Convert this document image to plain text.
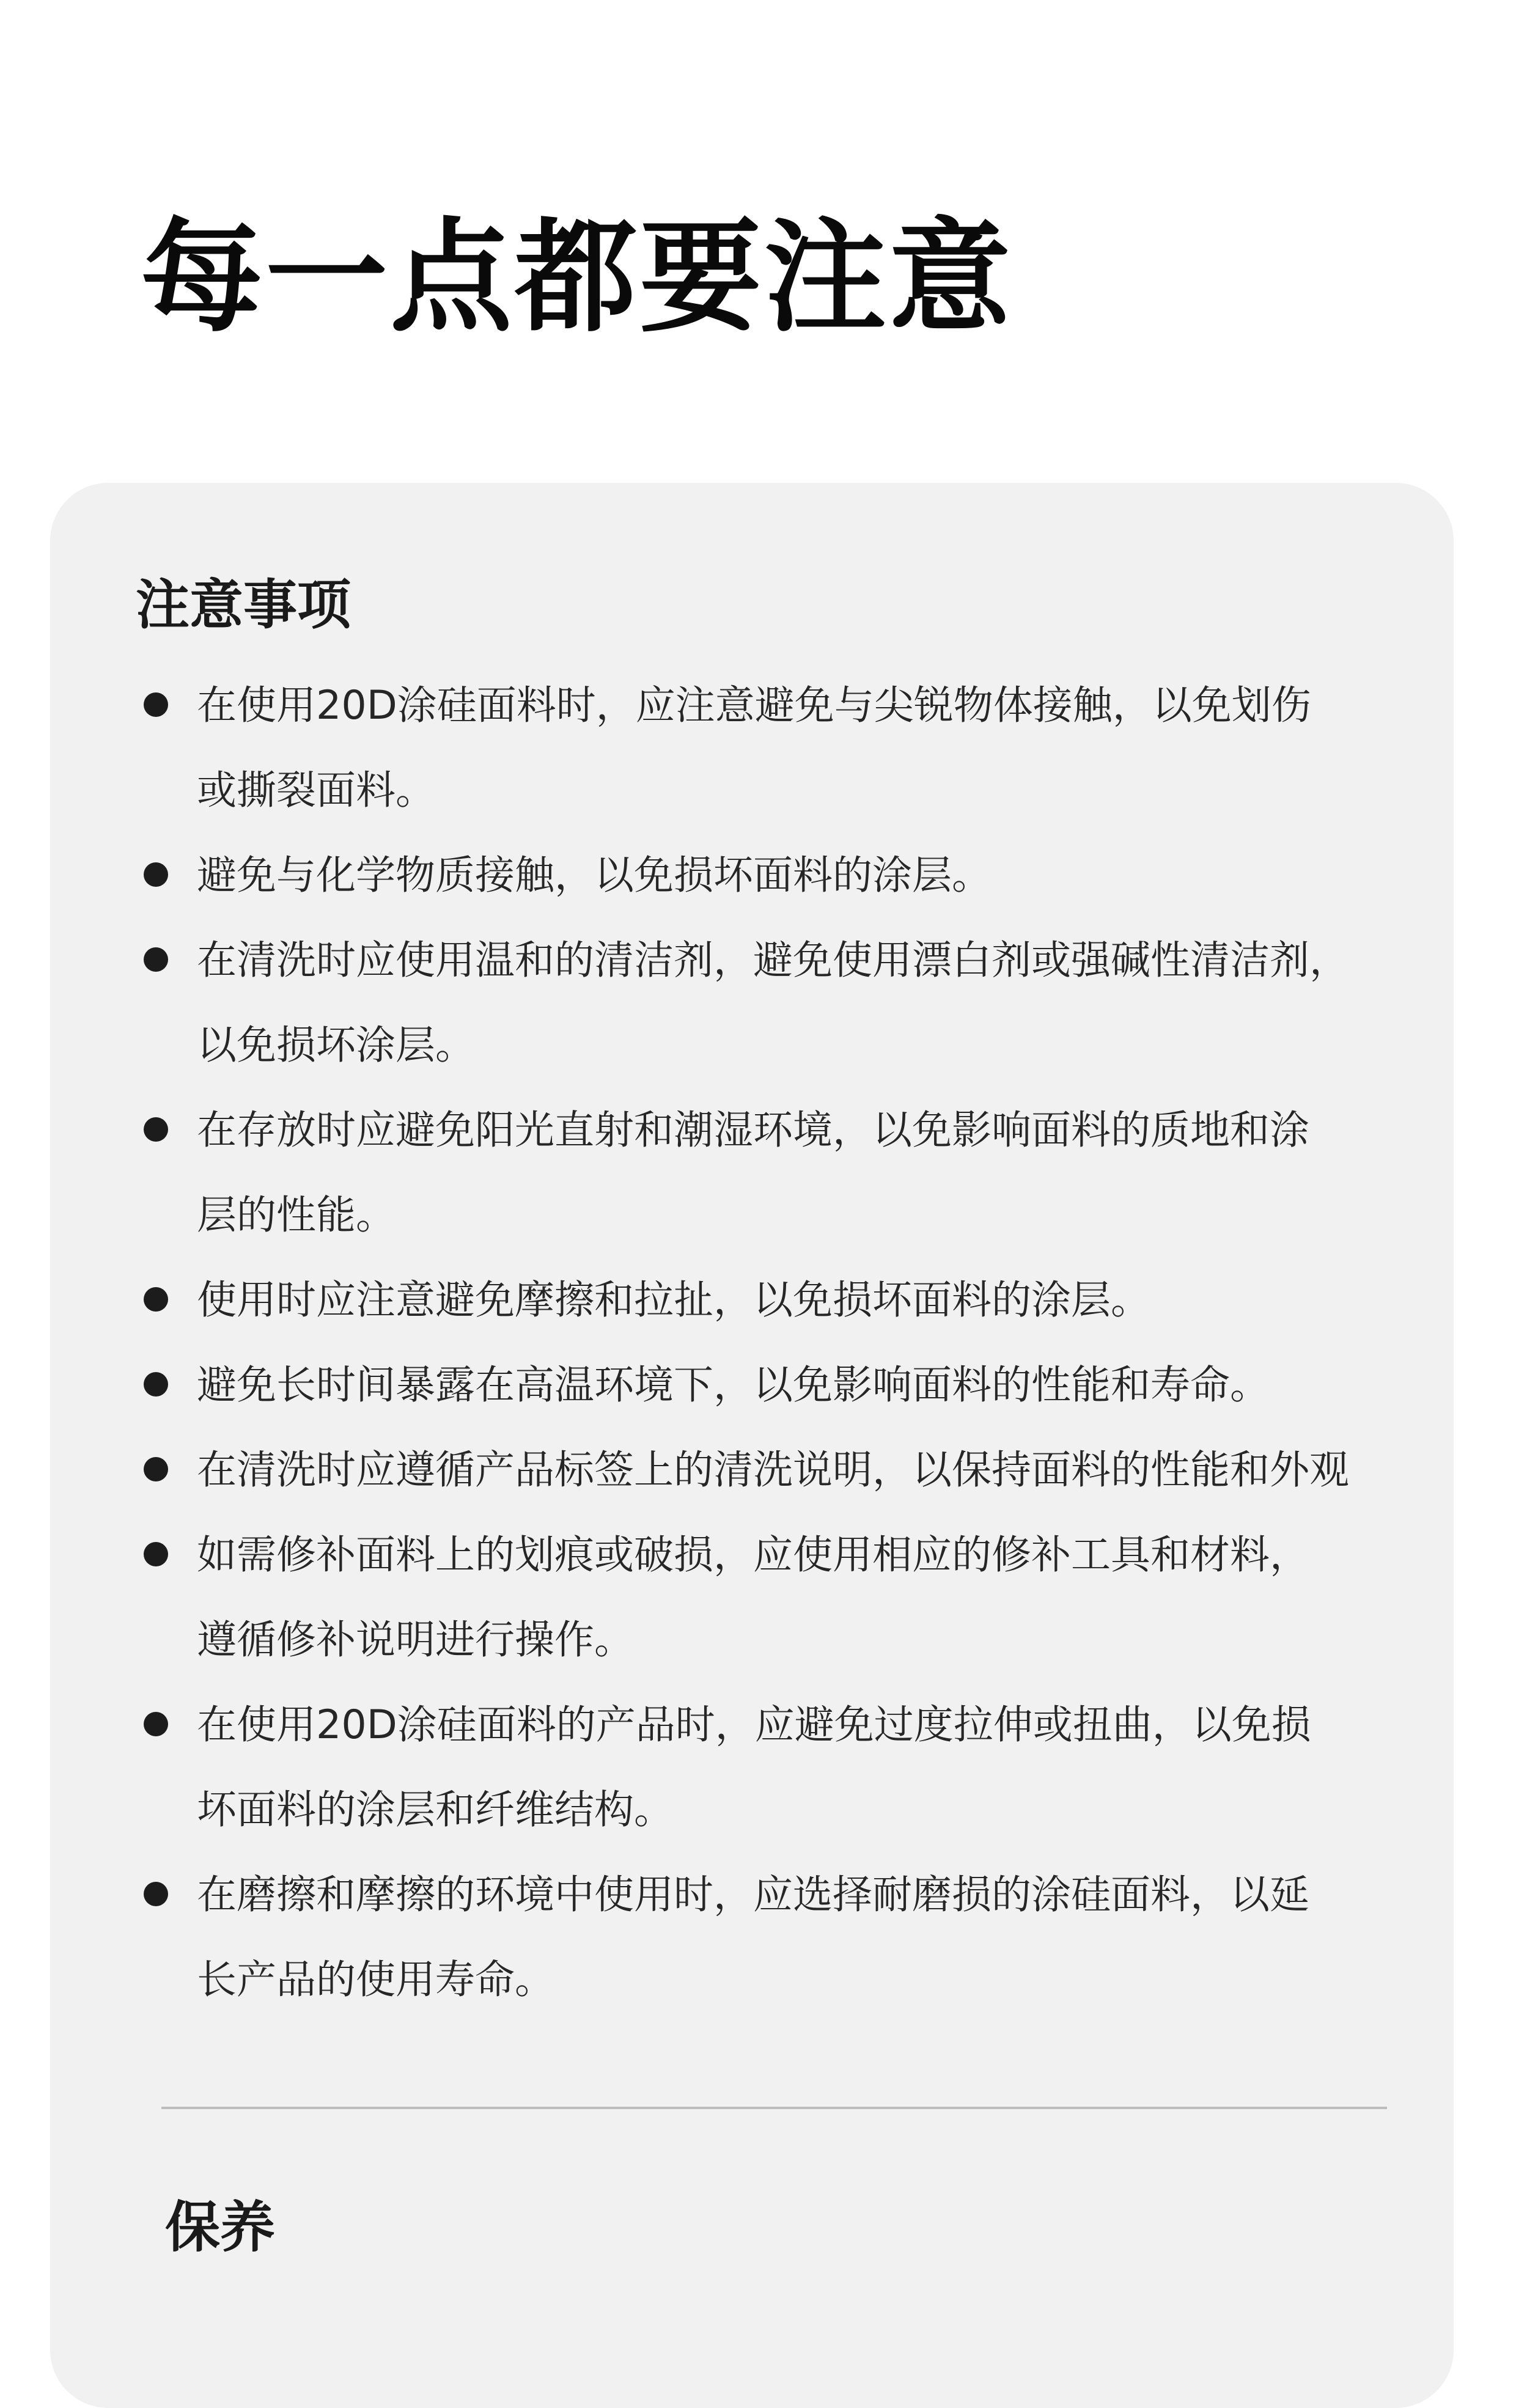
每一点都要注意
注意事项
在使用20D涂硅面料时，应注意避免与尖锐物体接触，以免划伤
或撕裂面料。
避免与化学物质接触，以免损坏面料的涂层。
在清洗时应使用温和的清洁剂，避免使用漂白剂或强碱性清洁剂，
以免损坏涂层。
在存放时应避免阳光直射和潮湿环境，以免影响面料的质地和涂
层的性能。
使用时应注意避免摩擦和拉扯，以免损坏面料的涂层。
避免长时间暴露在高温环境下，以免影响面料的性能和寿命。
在清洗时应遵循产品标签上的清洗说明，以保持面料的性能和外观
如需修补面料上的划痕或破损，应使用相应的修补工具和材料，
遵循修补说明进行操作。
在使用20D涂硅面料的产品时，应避免过度拉伸或扭曲，以免损
坏面料的涂层和纤维结构。
在磨擦和摩擦的环境中使用时，应选择耐磨损的涂硅面料，以延
长产品的使用寿命。
保养
